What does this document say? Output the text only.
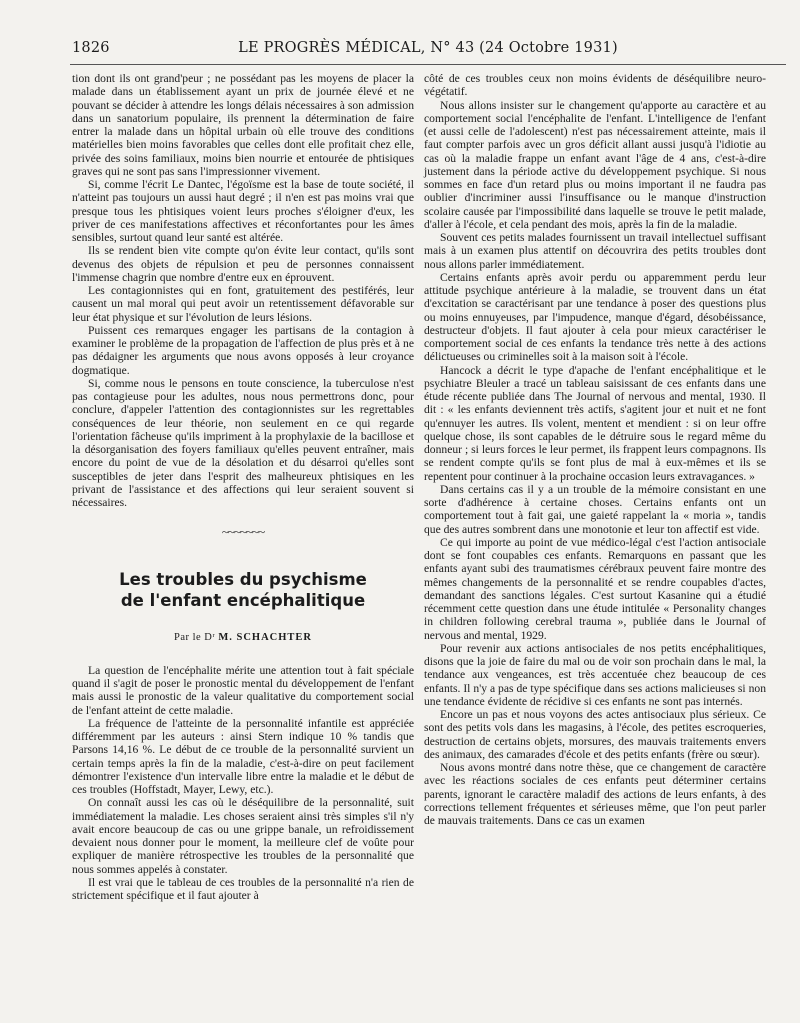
1826	LE PROGRÈS MÉDICAL, N° 43 (24 Octobre 1931)

tion dont ils ont grand'peur ; ne possédant pas les moyens de placer la malade dans un établissement ayant un prix de journée élevé et ne pouvant se décider à attendre les longs délais nécessaires à son admission dans un sanatorium populaire, ils prennent la détermination de faire entrer la malade dans un hôpital urbain où elle trouve des conditions matérielles bien moins favorables que celles dont elle profitait chez elle, privée des soins familiaux, moins bien nourrie et entourée de phtisiques graves qui ne sont pas sans l'impressionner vivement.

Si, comme l'écrit Le Dantec, l'égoïsme est la base de toute société, il n'atteint pas toujours un aussi haut degré ; il n'en est pas moins vrai que presque tous les phtisiques voient leurs proches s'éloigner d'eux, les priver de ces manifestations affectives et réconfortantes pour les âmes sensibles, surtout quand leur santé est altérée.

Ils se rendent bien vite compte qu'on évite leur contact, qu'ils sont devenus des objets de répulsion et peu de personnes connaissent l'immense chagrin que nombre d'entre eux en éprouvent.

Les contagionnistes qui en font, gratuitement des pestiférés, leur causent un mal moral qui peut avoir un retentissement défavorable sur leur état physique et sur l'évolution de leurs lésions.

Puissent ces remarques engager les partisans de la contagion à examiner le problème de la propagation de l'affection de plus près et à ne pas dédaigner les arguments que nous avons opposés à leur croyance dogmatique.

Si, comme nous le pensons en toute conscience, la tuberculose n'est pas contagieuse pour les adultes, nous nous permettrons donc, pour conclure, d'appeler l'attention des contagionnistes sur les regrettables conséquences de leur théorie, non seulement en ce qui regarde l'orientation fâcheuse qu'ils impriment à la prophylaxie de la bacillose et la désorganisation des foyers familiaux qu'elles peuvent entraîner, mais encore du point de vue de la désolation et du désarroi qu'elles sont susceptibles de jeter dans l'esprit des malheureux phtisiques en les privant de l'assistance et des affections qui leur seraient souvent si nécessaires.

~~~~~~~
Les troubles du psychisme
de l'enfant encéphalitique
Par le Dʳ M. SCHACHTER

La question de l'encéphalite mérite une attention tout à fait spéciale quand il s'agit de poser le pronostic mental du développement de l'enfant mais aussi le pronostic de la valeur qualitative du comportement social de l'enfant atteint de cette maladie.

La fréquence de l'atteinte de la personnalité infantile est appréciée différemment par les auteurs : ainsi Stern indique 10 % tandis que Parsons 14,16 %. Le début de ce trouble de la personnalité survient un certain temps après la fin de la maladie, c'est-à-dire on peut facilement démontrer l'existence d'un intervalle libre entre la maladie et le début de ces troubles (Hoffstadt, Mayer, Lewy, etc.).

On connaît aussi les cas où le déséquilibre de la personnalité, suit immédiatement la maladie. Les choses seraient ainsi très simples s'il n'y avait encore beaucoup de cas ou une grippe banale, un refroidissement devaient nous donner pour le moment, la meilleure clef de voûte pour expliquer de manière rétrospective les troubles de la personnalité que nous sommes appelés à constater.

Il est vrai que le tableau de ces troubles de la personnalité n'a rien de strictement spécifique et il faut ajouter à

côté de ces troubles ceux non moins évidents de déséquilibre neuro-végétatif.

Nous allons insister sur le changement qu'apporte au caractère et au comportement social l'encéphalite de l'enfant. L'intelligence de l'enfant (et aussi celle de l'adolescent) n'est pas nécessairement atteinte, mais il faut compter parfois avec un gros déficit allant aussi jusqu'à l'idiotie au cas où la maladie frappe un enfant avant l'âge de 4 ans, c'est-à-dire justement dans la période active du développement psychique. Si nous sommes en face d'un retard plus ou moins important il ne faudra pas oublier d'incriminer aussi l'insuffisance ou le manque d'instruction scolaire causée par l'impossibilité dans laquelle se trouve le petit malade, d'aller à l'école, et cela pendant des mois, après la fin de la maladie.

Souvent ces petits malades fournissent un travail intellectuel suffisant mais à un examen plus attentif on découvrira des petits troubles dont nous allons parler immédiatement.

Certains enfants après avoir perdu ou apparemment perdu leur attitude psychique antérieure à la maladie, se trouvent dans un état d'excitation se caractérisant par une tendance à poser des questions plus ou moins ennuyeuses, par l'impudence, manque d'égard, désobéissance, destructeur d'objets. Il faut ajouter à cela pour mieux caractériser le comportement social de ces enfants la tendance très nette à des actions délictueuses ou criminelles soit à la maison soit à l'école.

Hancock a décrit le type d'apache de l'enfant encéphalitique et le psychiatre Bleuler a tracé un tableau saisissant de ces enfants dans une étude récente publiée dans The Journal of nervous and mental, 1930. Il dit : « les enfants deviennent très actifs, s'agitent jour et nuit et ne font qu'ennuyer les autres. Ils volent, mentent et mendient : si on leur offre quelque chose, ils sont capables de le détruire sous le regard même du donneur ; si leurs forces le leur permet, ils frappent leurs compagnons. Ils se rendent compte qu'ils se font plus de mal à eux-mêmes et ils se repentent pour continuer à la prochaine occasion leurs extravagances. »

Dans certains cas il y a un trouble de la mémoire consistant en une sorte d'adhérence à certaine choses. Certains enfants ont un comportement tout à fait gai, une gaieté rappelant la « moria », tandis que des autres sombrent dans une monotonie et leur ton affectif est vide.

Ce qui importe au point de vue médico-légal c'est l'action antisociale dont se font coupables ces enfants. Remarquons en passant que les enfants ayant subi des traumatismes cérébraux peuvent faire montre des mêmes changements de la personnalité et se rendre coupables d'actes, demandant des sanctions légales. C'est surtout Kasanine qui a étudié récemment cette question dans une étude intitulée « Personality changes in children following cerebral trauma », publiée dans le Journal of nervous and mental, 1929.

Pour revenir aux actions antisociales de nos petits encéphalitiques, disons que la joie de faire du mal ou de voir son prochain dans le mal, la tendance aux vengeances, est très accentuée chez beaucoup de ces enfants. Il n'y a pas de type spécifique dans ses actions malicieuses si non une tendance évidente de récidive si ces enfants ne sont pas internés.

Encore un pas et nous voyons des actes antisociaux plus sérieux. Ce sont des petits vols dans les magasins, à l'école, des petites escroqueries, destruction de certains objets, morsures, des mauvais traitements envers des animaux, des camarades d'école et des petits enfants (frère ou sœur).

Nous avons montré dans notre thèse, que ce changement de caractère avec les réactions sociales de ces enfants peut déterminer certains parents, ignorant le caractère maladif des actions de leurs enfants, à des corrections tellement fréquentes et sérieuses même, que l'on peut parler de mauvais traitements. Dans ce cas un examen
